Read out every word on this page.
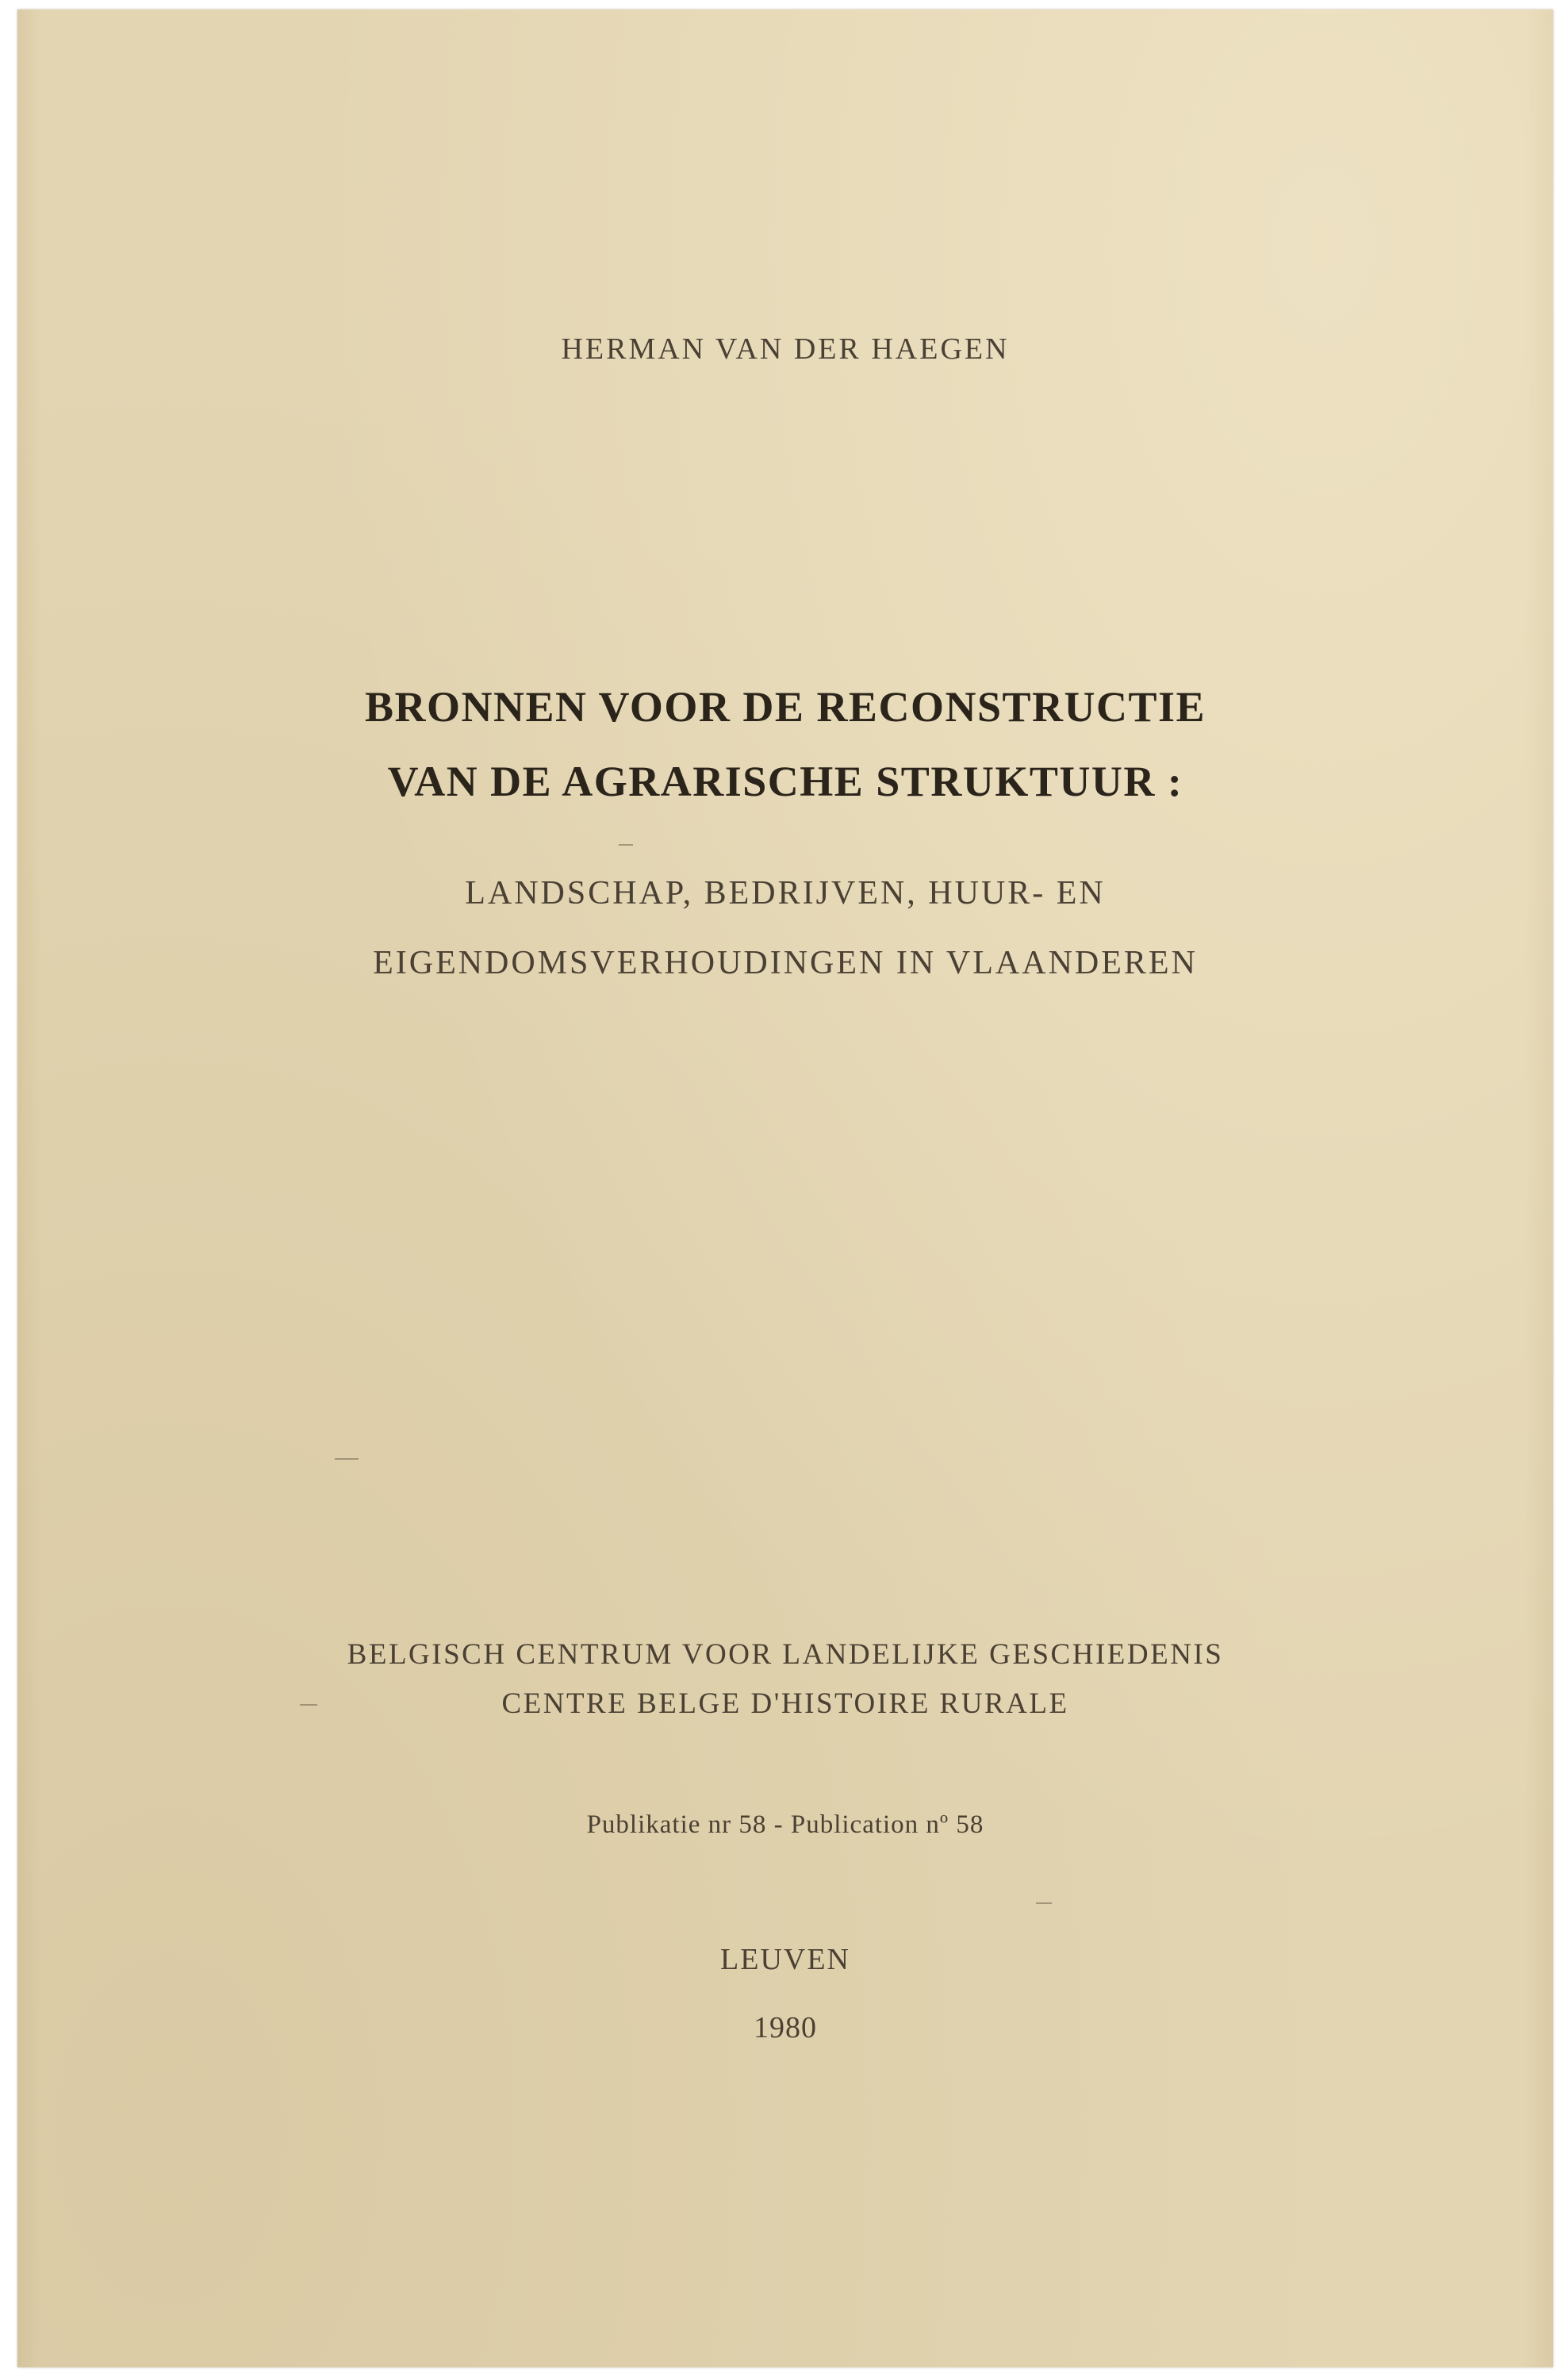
HERMAN VAN DER HAEGEN
BRONNEN VOOR DE RECONSTRUCTIE
VAN DE AGRARISCHE STRUKTUUR :
LANDSCHAP, BEDRIJVEN, HUUR- EN
EIGENDOMSVERHOUDINGEN IN VLAANDEREN
BELGISCH CENTRUM VOOR LANDELIJKE GESCHIEDENIS
CENTRE BELGE D'HISTOIRE RURALE
Publikatie nr 58 - Publication nº 58
LEUVEN
1980
